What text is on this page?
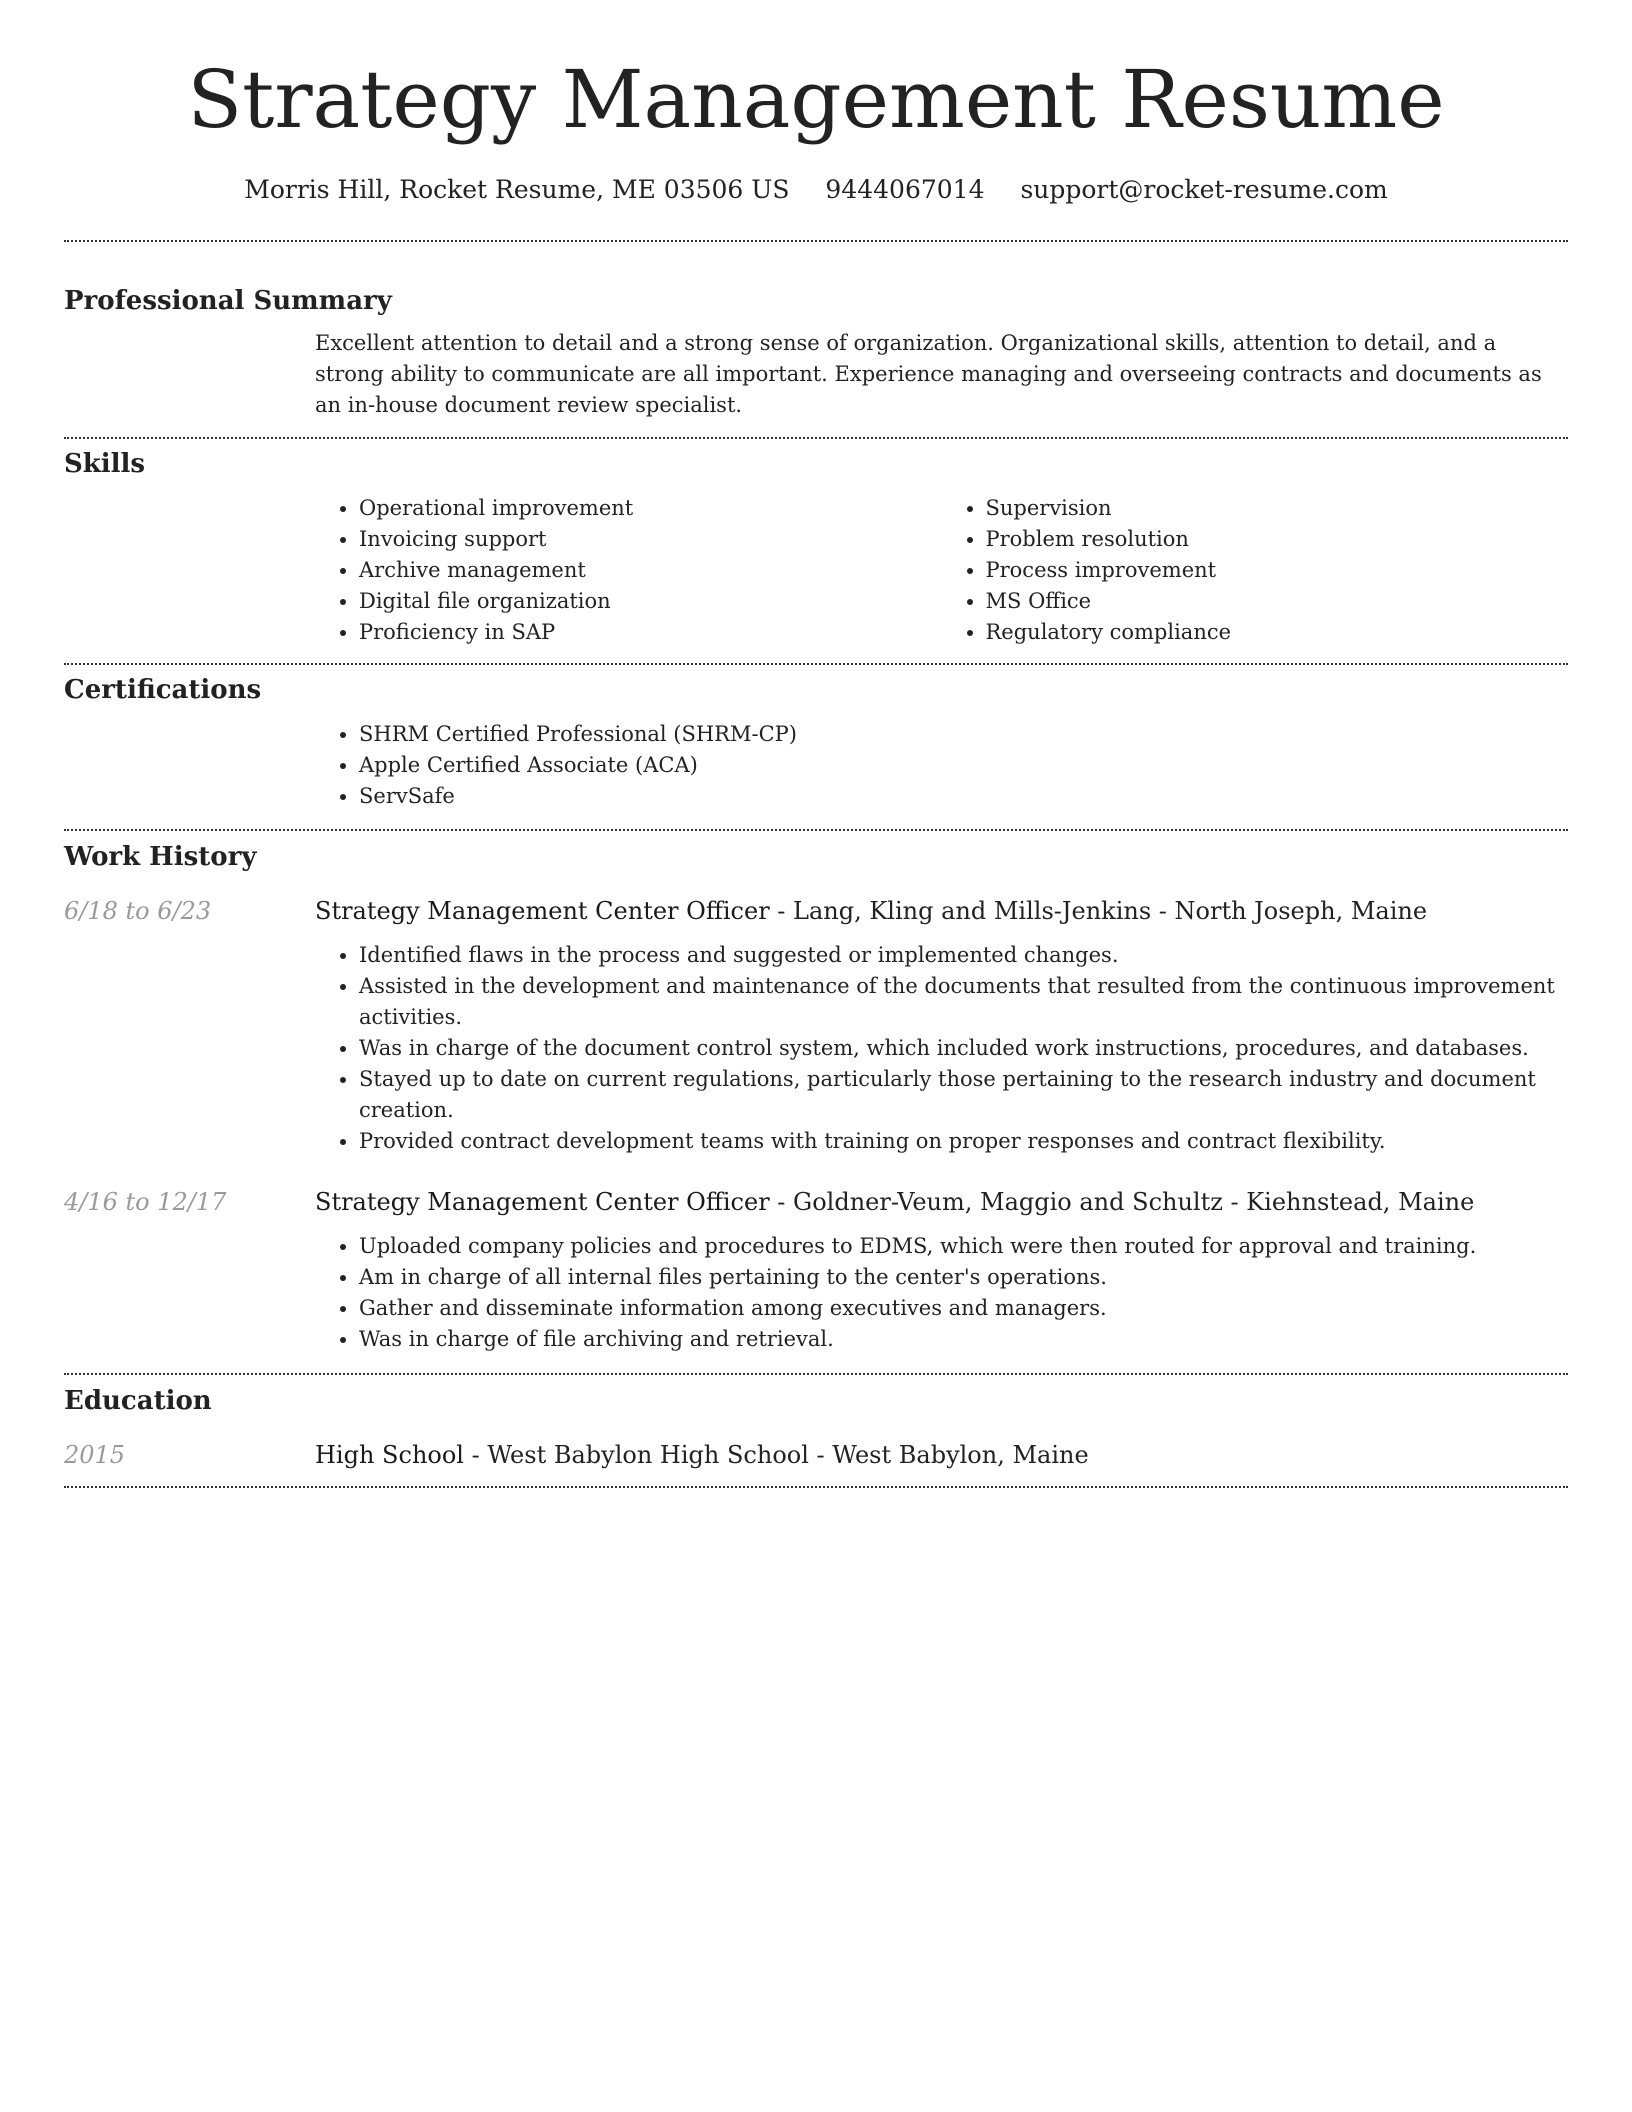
Strategy Management Resume
Morris Hill, Rocket Resume, ME 03506 US 9444067014 support@rocket-resume.com
Professional Summary

Excellent attention to detail and a strong sense of organization. Organizational skills, attention to detail, and a strong ability to communicate are all important. Experience managing and overseeing contracts and documents as an in-house document review specialist.

Skills
• Operational improvement
• Invoicing support
• Archive management
• Digital file organization
• Proficiency in SAP
• Supervision
• Problem resolution
• Process improvement
• MS Office
• Regulatory compliance
Certifications
• SHRM Certified Professional (SHRM-CP)
• Apple Certified Associate (ACA)
• ServSafe
Work History
6/18 to 6/23	Strategy Management Center Officer - Lang, Kling and Mills-Jenkins - North Joseph, Maine
• Identified flaws in the process and suggested or implemented changes.
• Assisted in the development and maintenance of the documents that resulted from the continuous improvement activities.
• Was in charge of the document control system, which included work instructions, procedures, and databases.
• Stayed up to date on current regulations, particularly those pertaining to the research industry and document creation.
• Provided contract development teams with training on proper responses and contract flexibility.
4/16 to 12/17	Strategy Management Center Officer - Goldner-Veum, Maggio and Schultz - Kiehnstead, Maine
• Uploaded company policies and procedures to EDMS, which were then routed for approval and training.
• Am in charge of all internal files pertaining to the center's operations.
• Gather and disseminate information among executives and managers.
• Was in charge of file archiving and retrieval.
Education
2015	High School - West Babylon High School - West Babylon, Maine
